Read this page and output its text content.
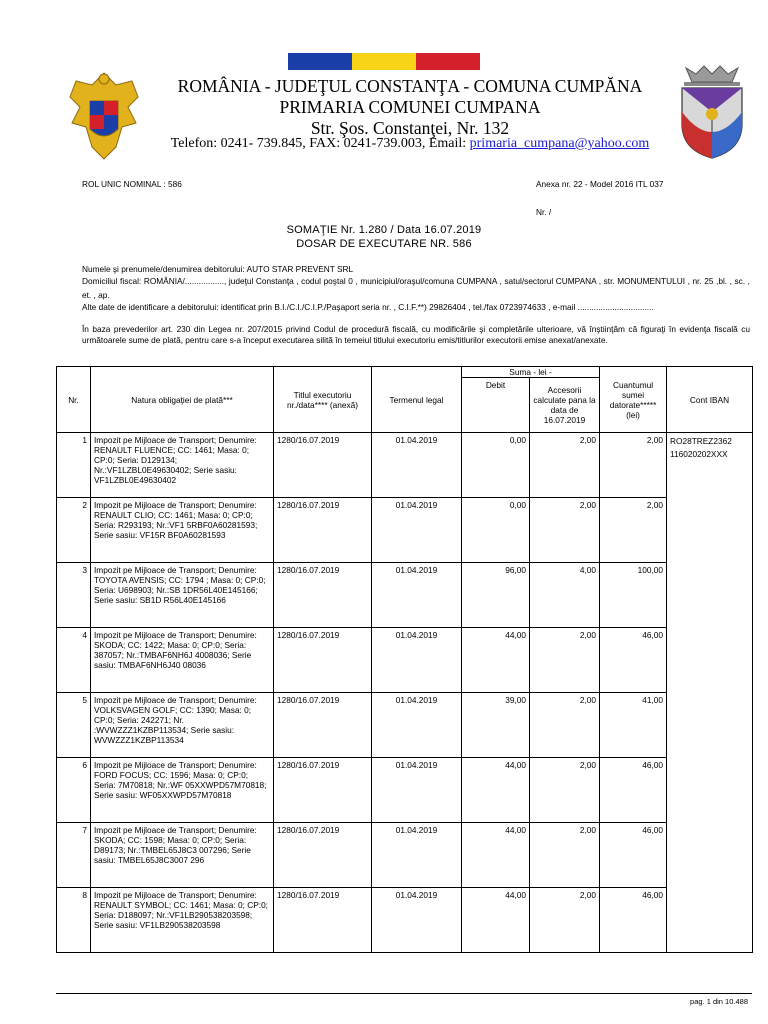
ROMÂNIA - JUDEŢUL CONSTANŢA - COMUNA CUMPĂNA
PRIMARIA COMUNEI CUMPANA
Str. Şos. Constanţei, Nr. 132
Telefon: 0241- 739.845, FAX: 0241-739.003, Email: primaria_cumpana@yahoo.com
ROL UNIC NOMINAL : 586	Anexa nr. 22 - Model 2016 ITL 037
Nr. /
SOMAŢIE Nr. 1.280 / Data 16.07.2019
DOSAR DE EXECUTARE NR. 586
Numele şi prenumele/denumirea debitorului: AUTO STAR PREVENT SRL
Domiciliul fiscal: ROMÂNIA/................., judeţul Constanţa , codul poştal 0 , municipiul/oraşul/comuna CUMPANA , satul/sectorul CUMPANA , str. MONUMENTULUI , nr. 25 ,bl. , sc. , et. , ap.
Alte date de identificare a debitorului: identificat prin B.I./C.I./C.I.P./Paşaport seria nr. , C.I.F.**) 29826404 , tel./fax 0723974633 , e-mail .................................
În baza prevederilor art. 230 din Legea nr. 207/2015 privind Codul de procedură fiscală, cu modificările şi completările ulterioare, vă înştiinţăm că figuraţi în evidenţa fiscală cu următoarele sume de plată, pentru care s-a început executarea silită în temeiul titlului executoriu emis/titlurilor executorii emise anexat/anexate.
Nr.	Natura obligaţiei de plată***	Titlul executoriu nr./data**** (anexă)	Termenul legal	Suma - lei -		Cuantumul sumei datorate***** (lei)	Cont IBAN
				Debit	Accesorii calculate pana la data de 16.07.2019		
1	Impozit pe Mijloace de Transport; Denumire: RENAULT FLUENCE; CC: 1461; Masa: 0; CP:0; Seria: D129134; Nr.:VF1LZBL0E49630402; Serie sasiu: VF1LZBL0E49630402	1280/16.07.2019	01.04.2019	0,00	2,00	2,00	RO28TREZ2362 116020202XXX
2	Impozit pe Mijloace de Transport; Denumire: RENAULT CLIO; CC: 1461; Masa: 0; CP:0; Seria: R293193; Nr.:VF1 5RBF0A60281593; Serie sasiu: VF15R BF0A60281593	1280/16.07.2019	01.04.2019	0,00	2,00	2,00	
3	Impozit pe Mijloace de Transport; Denumire: TOYOTA AVENSIS; CC: 1794 ; Masa: 0; CP:0; Seria: U698903; Nr.:SB 1DR56L40E145166; Serie sasiu: SB1D R56L40E145166	1280/16.07.2019	01.04.2019	96,00	4,00	100,00	
4	Impozit pe Mijloace de Transport; Denumire: SKODA; CC: 1422; Masa: 0; CP:0; Seria: 387057; Nr.:TMBAF6NH6J 4008036; Serie sasiu: TMBAF6NH6J40 08036	1280/16.07.2019	01.04.2019	44,00	2,00	46,00	
5	Impozit pe Mijloace de Transport; Denumire: VOLKSVAGEN GOLF; CC: 1390; Masa: 0; CP:0; Seria: 242271; Nr. :WVWZZZ1KZBP113534; Serie sasiu: WVWZZZ1KZBP113534	1280/16.07.2019	01.04.2019	39,00	2,00	41,00	
6	Impozit pe Mijloace de Transport; Denumire: FORD FOCUS; CC: 1596; Masa: 0; CP:0; Seria: 7M70818; Nr.:WF 05XXWPD57M70818; Serie sasiu: WF05XXWPD57M70818	1280/16.07.2019	01.04.2019	44,00	2,00	46,00	
7	Impozit pe Mijloace de Transport; Denumire: SKODA; CC: 1598; Masa: 0; CP:0; Seria: D89173; Nr.:TMBEL65J8C3 007296; Serie sasiu: TMBEL65J8C3007 296	1280/16.07.2019	01.04.2019	44,00	2,00	46,00	
8	Impozit pe Mijloace de Transport; Denumire: RENAULT SYMBOL; CC: 1461; Masa: 0; CP:0; Seria: D188097; Nr.:VF1LB290538203598; Serie sasiu: VF1LB290538203598	1280/16.07.2019	01.04.2019	44,00	2,00	46,00	
pag. 1 din 10.488
